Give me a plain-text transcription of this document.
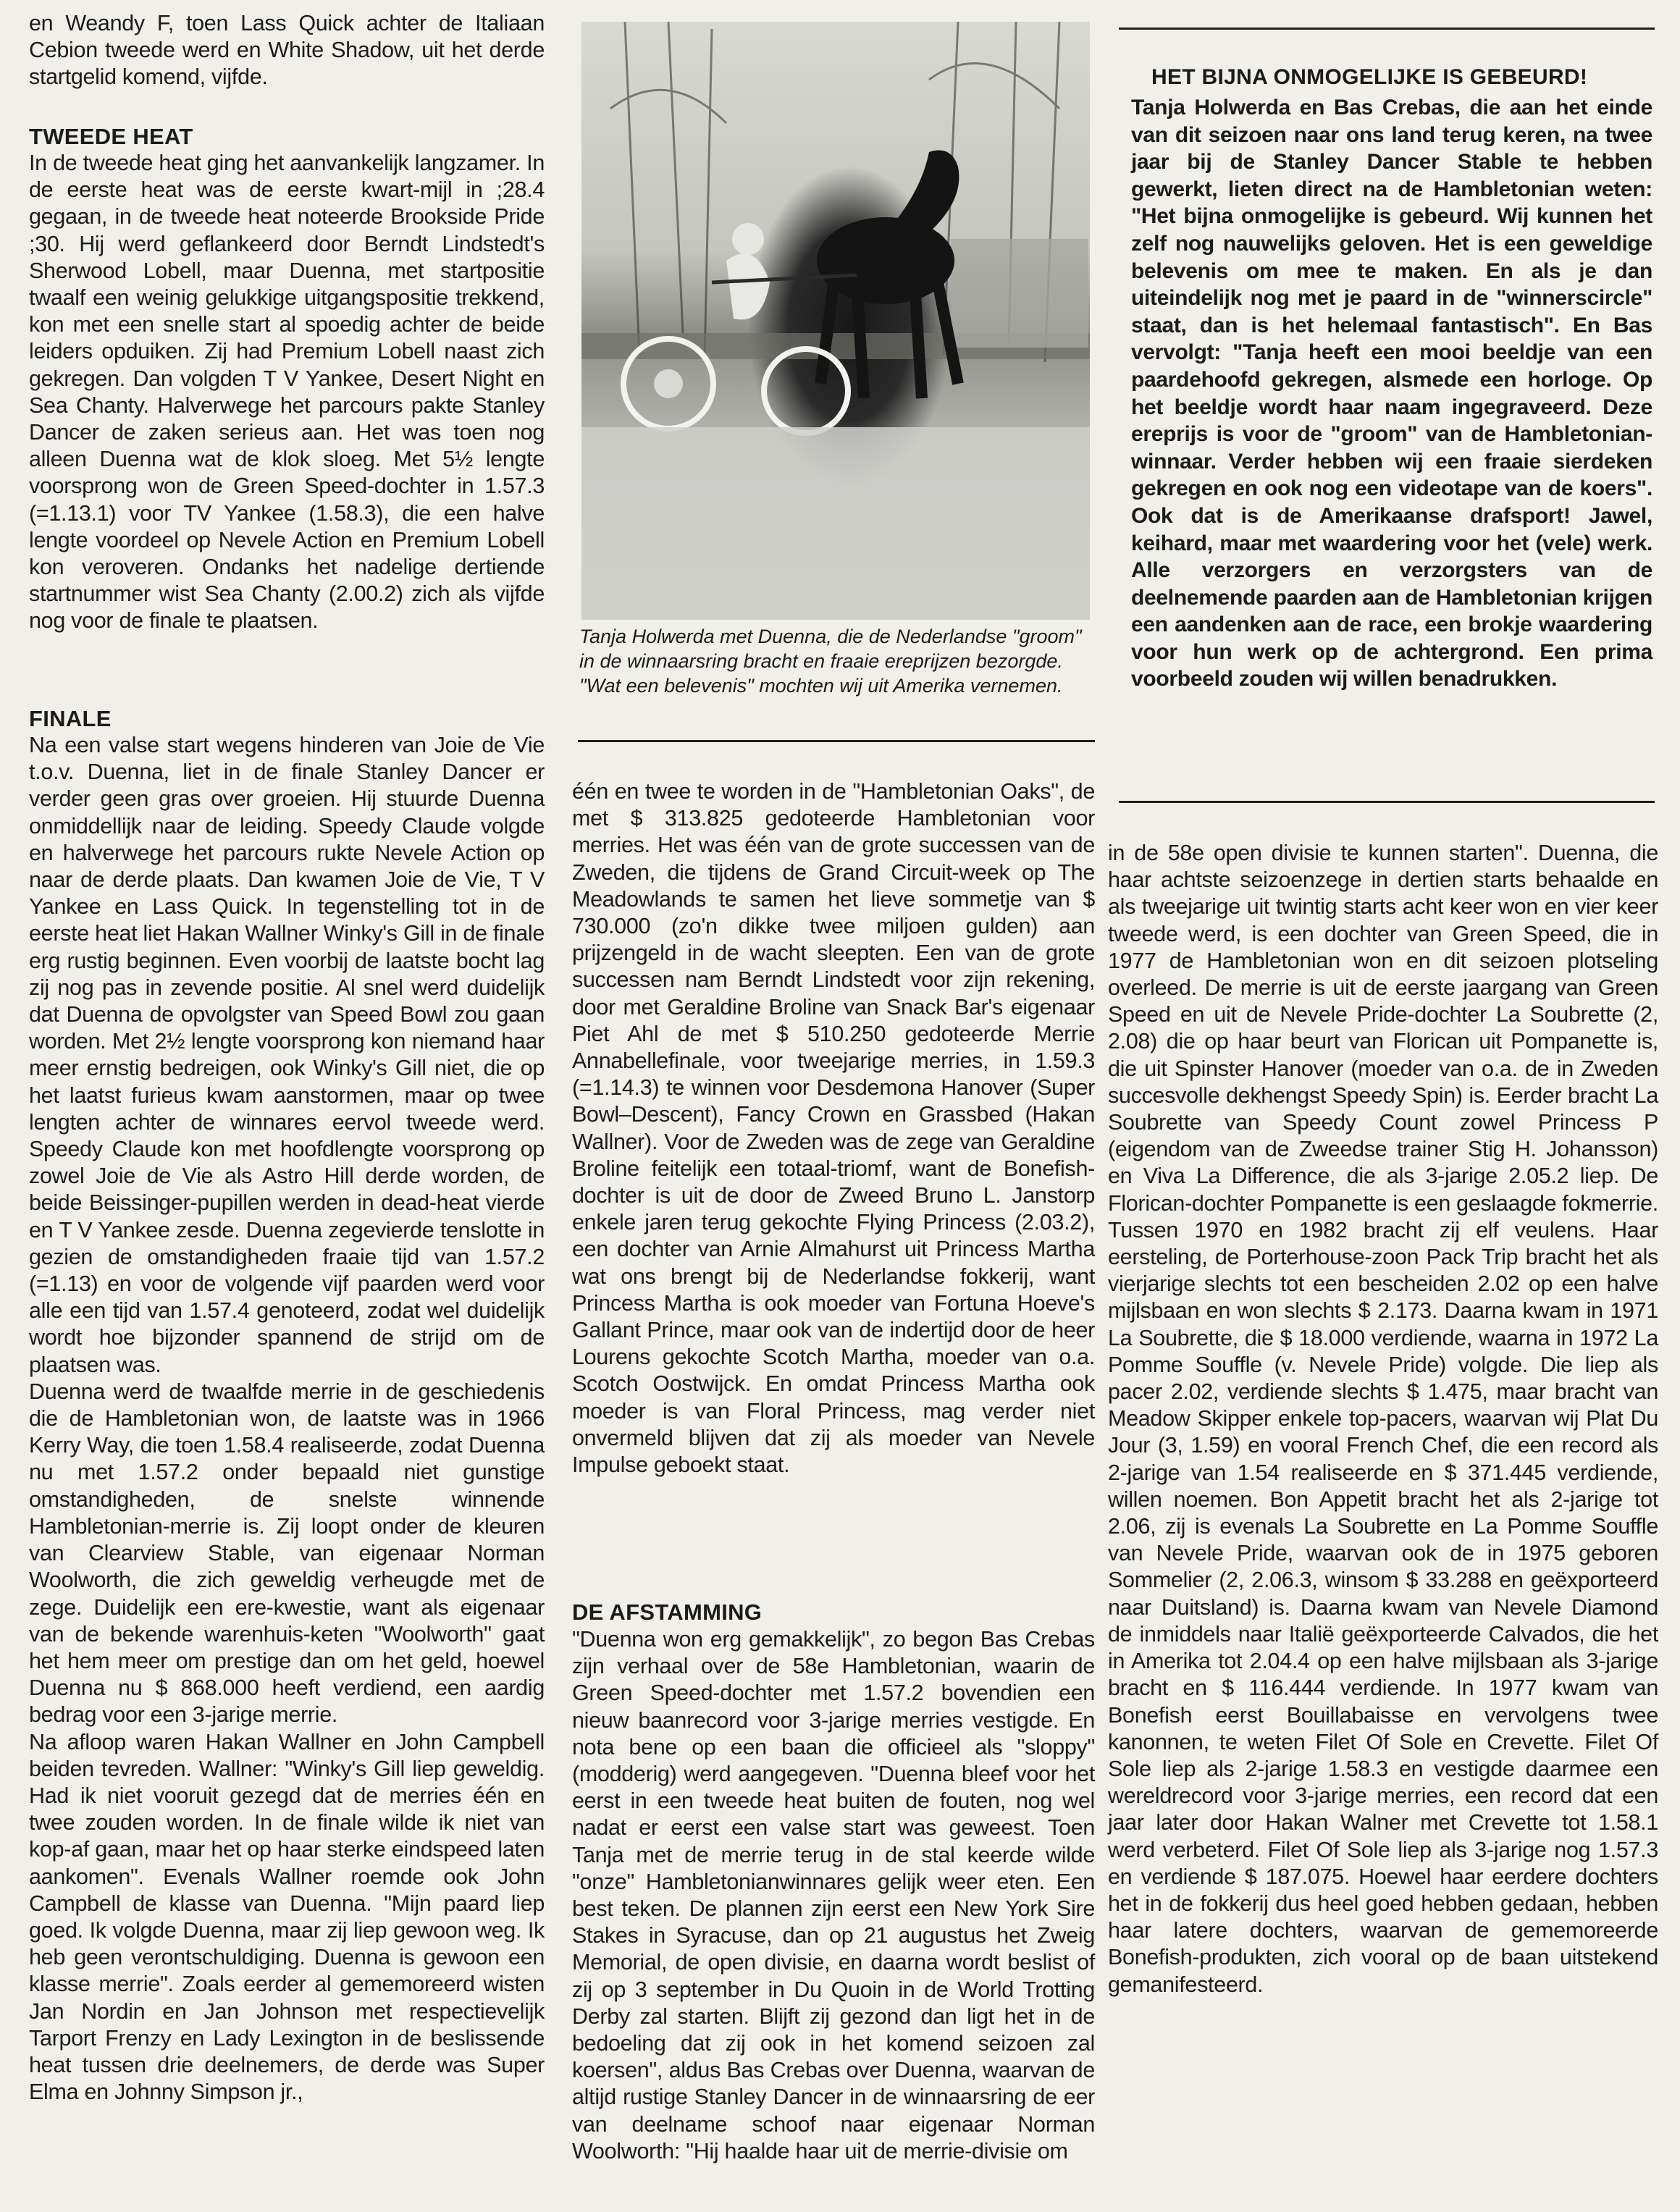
en Weandy F, toen Lass Quick achter de Italiaan Cebion tweede werd en White Shadow, uit het derde startgelid komend, vijfde.

TWEEDE HEAT

In de tweede heat ging het aanvankelijk langzamer. In de eerste heat was de eerste kwart-mijl in ;28.4 gegaan, in de tweede heat noteerde Brookside Pride ;30. Hij werd geflankeerd door Berndt Lindstedt's Sherwood Lobell, maar Duenna, met startpositie twaalf een weinig gelukkige uitgangspositie trekkend, kon met een snelle start al spoedig achter de beide leiders opduiken. Zij had Premium Lobell naast zich gekregen. Dan volgden T V Yankee, Desert Night en Sea Chanty. Halverwege het parcours pakte Stanley Dancer de zaken serieus aan. Het was toen nog alleen Duenna wat de klok sloeg. Met 5½ lengte voorsprong won de Green Speed-dochter in 1.57.3 (=1.13.1) voor TV Yankee (1.58.3), die een halve lengte voordeel op Nevele Action en Premium Lobell kon veroveren. Ondanks het nadelige dertiende startnummer wist Sea Chanty (2.00.2) zich als vijfde nog voor de finale te plaatsen.

FINALE

Na een valse start wegens hinderen van Joie de Vie t.o.v. Duenna, liet in de finale Stanley Dancer er verder geen gras over groeien. Hij stuurde Duenna onmiddellijk naar de leiding. Speedy Claude volgde en halverwege het parcours rukte Nevele Action op naar de derde plaats. Dan kwamen Joie de Vie, T V Yankee en Lass Quick. In tegenstelling tot in de eerste heat liet Hakan Wallner Winky's Gill in de finale erg rustig beginnen. Even voorbij de laatste bocht lag zij nog pas in zevende positie. Al snel werd duidelijk dat Duenna de opvolgster van Speed Bowl zou gaan worden. Met 2½ lengte voorsprong kon niemand haar meer ernstig bedreigen, ook Winky's Gill niet, die op het laatst furieus kwam aanstormen, maar op twee lengten achter de winnares eervol tweede werd. Speedy Claude kon met hoofdlengte voorsprong op zowel Joie de Vie als Astro Hill derde worden, de beide Beissinger-pupillen werden in dead-heat vierde en T V Yankee zesde. Duenna zegevierde tenslotte in gezien de omstandigheden fraaie tijd van 1.57.2 (=1.13) en voor de volgende vijf paarden werd voor alle een tijd van 1.57.4 genoteerd, zodat wel duidelijk wordt hoe bijzonder spannend de strijd om de plaatsen was.

Duenna werd de twaalfde merrie in de geschiedenis die de Hambletonian won, de laatste was in 1966 Kerry Way, die toen 1.58.4 realiseerde, zodat Duenna nu met 1.57.2 onder bepaald niet gunstige omstandigheden, de snelste winnende Hambletonian-merrie is. Zij loopt onder de kleuren van Clearview Stable, van eigenaar Norman Woolworth, die zich geweldig verheugde met de zege. Duidelijk een ere-kwestie, want als eigenaar van de bekende warenhuis-keten "Woolworth" gaat het hem meer om prestige dan om het geld, hoewel Duenna nu $ 868.000 heeft verdiend, een aardig bedrag voor een 3-jarige merrie.

Na afloop waren Hakan Wallner en John Campbell beiden tevreden. Wallner: "Winky's Gill liep geweldig. Had ik niet vooruit gezegd dat de merries één en twee zouden worden. In de finale wilde ik niet van kop-af gaan, maar het op haar sterke eindspeed laten aankomen". Evenals Wallner roemde ook John Campbell de klasse van Duenna. "Mijn paard liep goed. Ik volgde Duenna, maar zij liep gewoon weg. Ik heb geen verontschuldiging. Duenna is gewoon een klasse merrie". Zoals eerder al gememoreerd wisten Jan Nordin en Jan Johnson met respectievelijk Tarport Frenzy en Lady Lexington in de beslissende heat tussen drie deelnemers, de derde was Super Elma en Johnny Simpson jr.,

Tanja Holwerda met Duenna, die de Nederlandse "groom" in de winnaarsring bracht en fraaie ereprijzen bezorgde. "Wat een belevenis" mochten wij uit Amerika vernemen.

één en twee te worden in de "Hambletonian Oaks", de met $ 313.825 gedoteerde Hambletonian voor merries. Het was één van de grote successen van de Zweden, die tijdens de Grand Circuit-week op The Meadowlands te samen het lieve sommetje van $ 730.000 (zo'n dikke twee miljoen gulden) aan prijzengeld in de wacht sleepten. Een van de grote successen nam Berndt Lindstedt voor zijn rekening, door met Geraldine Broline van Snack Bar's eigenaar Piet Ahl de met $ 510.250 gedoteerde Merrie Annabellefinale, voor tweejarige merries, in 1.59.3 (=1.14.3) te winnen voor Desdemona Hanover (Super Bowl–Descent), Fancy Crown en Grassbed (Hakan Wallner). Voor de Zweden was de zege van Geraldine Broline feitelijk een totaal-triomf, want de Bonefish-dochter is uit de door de Zweed Bruno L. Janstorp enkele jaren terug gekochte Flying Princess (2.03.2), een dochter van Arnie Almahurst uit Princess Martha wat ons brengt bij de Nederlandse fokkerij, want Princess Martha is ook moeder van Fortuna Hoeve's Gallant Prince, maar ook van de indertijd door de heer Lourens gekochte Scotch Martha, moeder van o.a. Scotch Oostwijck. En omdat Princess Martha ook moeder is van Floral Princess, mag verder niet onvermeld blijven dat zij als moeder van Nevele Impulse geboekt staat.

DE AFSTAMMING

"Duenna won erg gemakkelijk", zo begon Bas Crebas zijn verhaal over de 58e Hambletonian, waarin de Green Speed-dochter met 1.57.2 bovendien een nieuw baanrecord voor 3-jarige merries vestigde. En nota bene op een baan die officieel als "sloppy" (modderig) werd aangegeven. "Duenna bleef voor het eerst in een tweede heat buiten de fouten, nog wel nadat er eerst een valse start was geweest. Toen Tanja met de merrie terug in de stal keerde wilde "onze" Hambletonianwinnares gelijk weer eten. Een best teken. De plannen zijn eerst een New York Sire Stakes in Syracuse, dan op 21 augustus het Zweig Memorial, de open divisie, en daarna wordt beslist of zij op 3 september in Du Quoin in de World Trotting Derby zal starten. Blijft zij gezond dan ligt het in de bedoeling dat zij ook in het komend seizoen zal koersen", aldus Bas Crebas over Duenna, waarvan de altijd rustige Stanley Dancer in de winnaarsring de eer van deelname schoof naar eigenaar Norman Woolworth: "Hij haalde haar uit de merrie-divisie om

HET BIJNA ONMOGELIJKE IS GEBEURD!

Tanja Holwerda en Bas Crebas, die aan het einde van dit seizoen naar ons land terug keren, na twee jaar bij de Stanley Dancer Stable te hebben gewerkt, lieten direct na de Hambletonian weten: "Het bijna onmogelijke is gebeurd. Wij kunnen het zelf nog nauwelijks geloven. Het is een geweldige belevenis om mee te maken. En als je dan uiteindelijk nog met je paard in de "winnerscircle" staat, dan is het helemaal fantastisch". En Bas vervolgt: "Tanja heeft een mooi beeldje van een paardehoofd gekregen, alsmede een horloge. Op het beeldje wordt haar naam ingegraveerd. Deze ereprijs is voor de "groom" van de Hambletonian-winnaar. Verder hebben wij een fraaie sierdeken gekregen en ook nog een videotape van de koers". Ook dat is de Amerikaanse drafsport! Jawel, keihard, maar met waardering voor het (vele) werk. Alle verzorgers en verzorgsters van de deelnemende paarden aan de Hambletonian krijgen een aandenken aan de race, een brokje waardering voor hun werk op de achtergrond. Een prima voorbeeld zouden wij willen benadrukken.

in de 58e open divisie te kunnen starten". Duenna, die haar achtste seizoenzege in dertien starts behaalde en als tweejarige uit twintig starts acht keer won en vier keer tweede werd, is een dochter van Green Speed, die in 1977 de Hambletonian won en dit seizoen plotseling overleed. De merrie is uit de eerste jaargang van Green Speed en uit de Nevele Pride-dochter La Soubrette (2, 2.08) die op haar beurt van Florican uit Pompanette is, die uit Spinster Hanover (moeder van o.a. de in Zweden succesvolle dekhengst Speedy Spin) is. Eerder bracht La Soubrette van Speedy Count zowel Princess P (eigendom van de Zweedse trainer Stig H. Johansson) en Viva La Difference, die als 3-jarige 2.05.2 liep. De Florican-dochter Pompanette is een geslaagde fokmerrie. Tussen 1970 en 1982 bracht zij elf veulens. Haar eersteling, de Porterhouse-zoon Pack Trip bracht het als vierjarige slechts tot een bescheiden 2.02 op een halve mijlsbaan en won slechts $ 2.173. Daarna kwam in 1971 La Soubrette, die $ 18.000 verdiende, waarna in 1972 La Pomme Souffle (v. Nevele Pride) volgde. Die liep als pacer 2.02, verdiende slechts $ 1.475, maar bracht van Meadow Skipper enkele top-pacers, waarvan wij Plat Du Jour (3, 1.59) en vooral French Chef, die een record als 2-jarige van 1.54 realiseerde en $ 371.445 verdiende, willen noemen. Bon Appetit bracht het als 2-jarige tot 2.06, zij is evenals La Soubrette en La Pomme Souffle van Nevele Pride, waarvan ook de in 1975 geboren Sommelier (2, 2.06.3, winsom $ 33.288 en geëxporteerd naar Duitsland) is. Daarna kwam van Nevele Diamond de inmiddels naar Italië geëxporteerde Calvados, die het in Amerika tot 2.04.4 op een halve mijlsbaan als 3-jarige bracht en $ 116.444 verdiende. In 1977 kwam van Bonefish eerst Bouillabaisse en vervolgens twee kanonnen, te weten Filet Of Sole en Crevette. Filet Of Sole liep als 2-jarige 1.58.3 en vestigde daarmee een wereldrecord voor 3-jarige merries, een record dat een jaar later door Hakan Walner met Crevette tot 1.58.1 werd verbeterd. Filet Of Sole liep als 3-jarige nog 1.57.3 en verdiende $ 187.075. Hoewel haar eerdere dochters het in de fokkerij dus heel goed hebben gedaan, hebben haar latere dochters, waarvan de gememoreerde Bonefish-produkten, zich vooral op de baan uitstekend gemanifesteerd.
